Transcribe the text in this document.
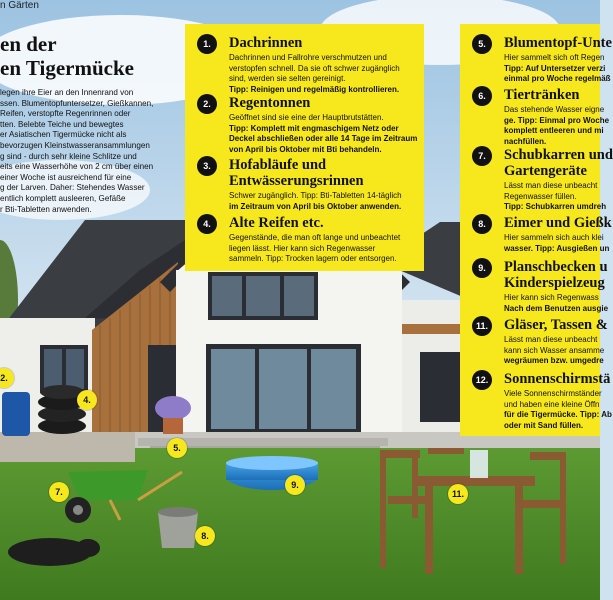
n Gärten
en der
en Tigermücke

legen ihre Eier an den Innenrand von
ssen. Blumentopfuntersetzer, Gießkannen,
Reifen, verstopfte Regenrinnen oder
tten. Belebte Teiche und bewegtes
er Asiatischen Tigermücke nicht als
bevorzugen Kleinstwasseransammlungen
g sind - durch sehr kleine Schlitze und
eits eine Wasserhöhe von 2 cm über einen
einer Woche ist ausreichend für eine
g der Larven. Daher: Stehendes Wasser
entlich komplett ausleeren, Gefäße
r Bti-Tabletten anwenden.

1.	Dachrinnen
Dachrinnen und Fallrohre verschmutzen und
verstopfen schnell. Da sie oft schwer zugänglich
sind, werden sie selten gereinigt.
Tipp: Reinigen und regelmäßig kontrollieren.
2.	Regentonnen
Geöffnet sind sie eine der Hauptbrutstätten.
Tipp: Komplett mit engmaschigem Netz oder
Deckel abschließen oder alle 14 Tage im Zeitraum
von April bis Oktober mit Bti behandeln.
3.	Hofabläufe und
Entwässerungsrinnen
Schwer zugänglich. Tipp: Bti-Tabletten 14-täglich
im Zeitraum von April bis Oktober anwenden.
4.	Alte Reifen etc.
Gegenstände, die man oft lange und unbeachtet
liegen lässt. Hier kann sich Regenwasser
sammeln. Tipp: Trocken lagern oder entsorgen.
5.	Blumentopf-Unte
Hier sammelt sich oft Regen
Tipp: Auf Untersetzer verzi
einmal pro Woche regelmäß
6.	Tiertränken
Das stehende Wasser eigne
ge. Tipp: Einmal pro Woche
komplett entleeren und mi
nachfüllen.
7.	Schubkarren und
Gartengeräte
Lässt man diese unbeacht
Regenwasser füllen.
Tipp: Schubkarren umdreh
8.	Eimer und Gießk
Hier sammeln sich auch klei
wasser. Tipp: Ausgießen un
9.	Planschbecken u
Kinderspielzeug
Hier kann sich Regenwass
Nach dem Benutzen ausgie
11. Gläser, Tassen &
Lässt man diese unbeacht
kann sich Wasser ansamme
wegräumen bzw. umgedre
12. Sonnenschirmstä
Viele Sonnenschirmständer
und haben eine kleine Öffn
für die Tigermücke. Tipp: Ab
oder mit Sand füllen.
2.
4.
5.
7.
8.
9.
11.
